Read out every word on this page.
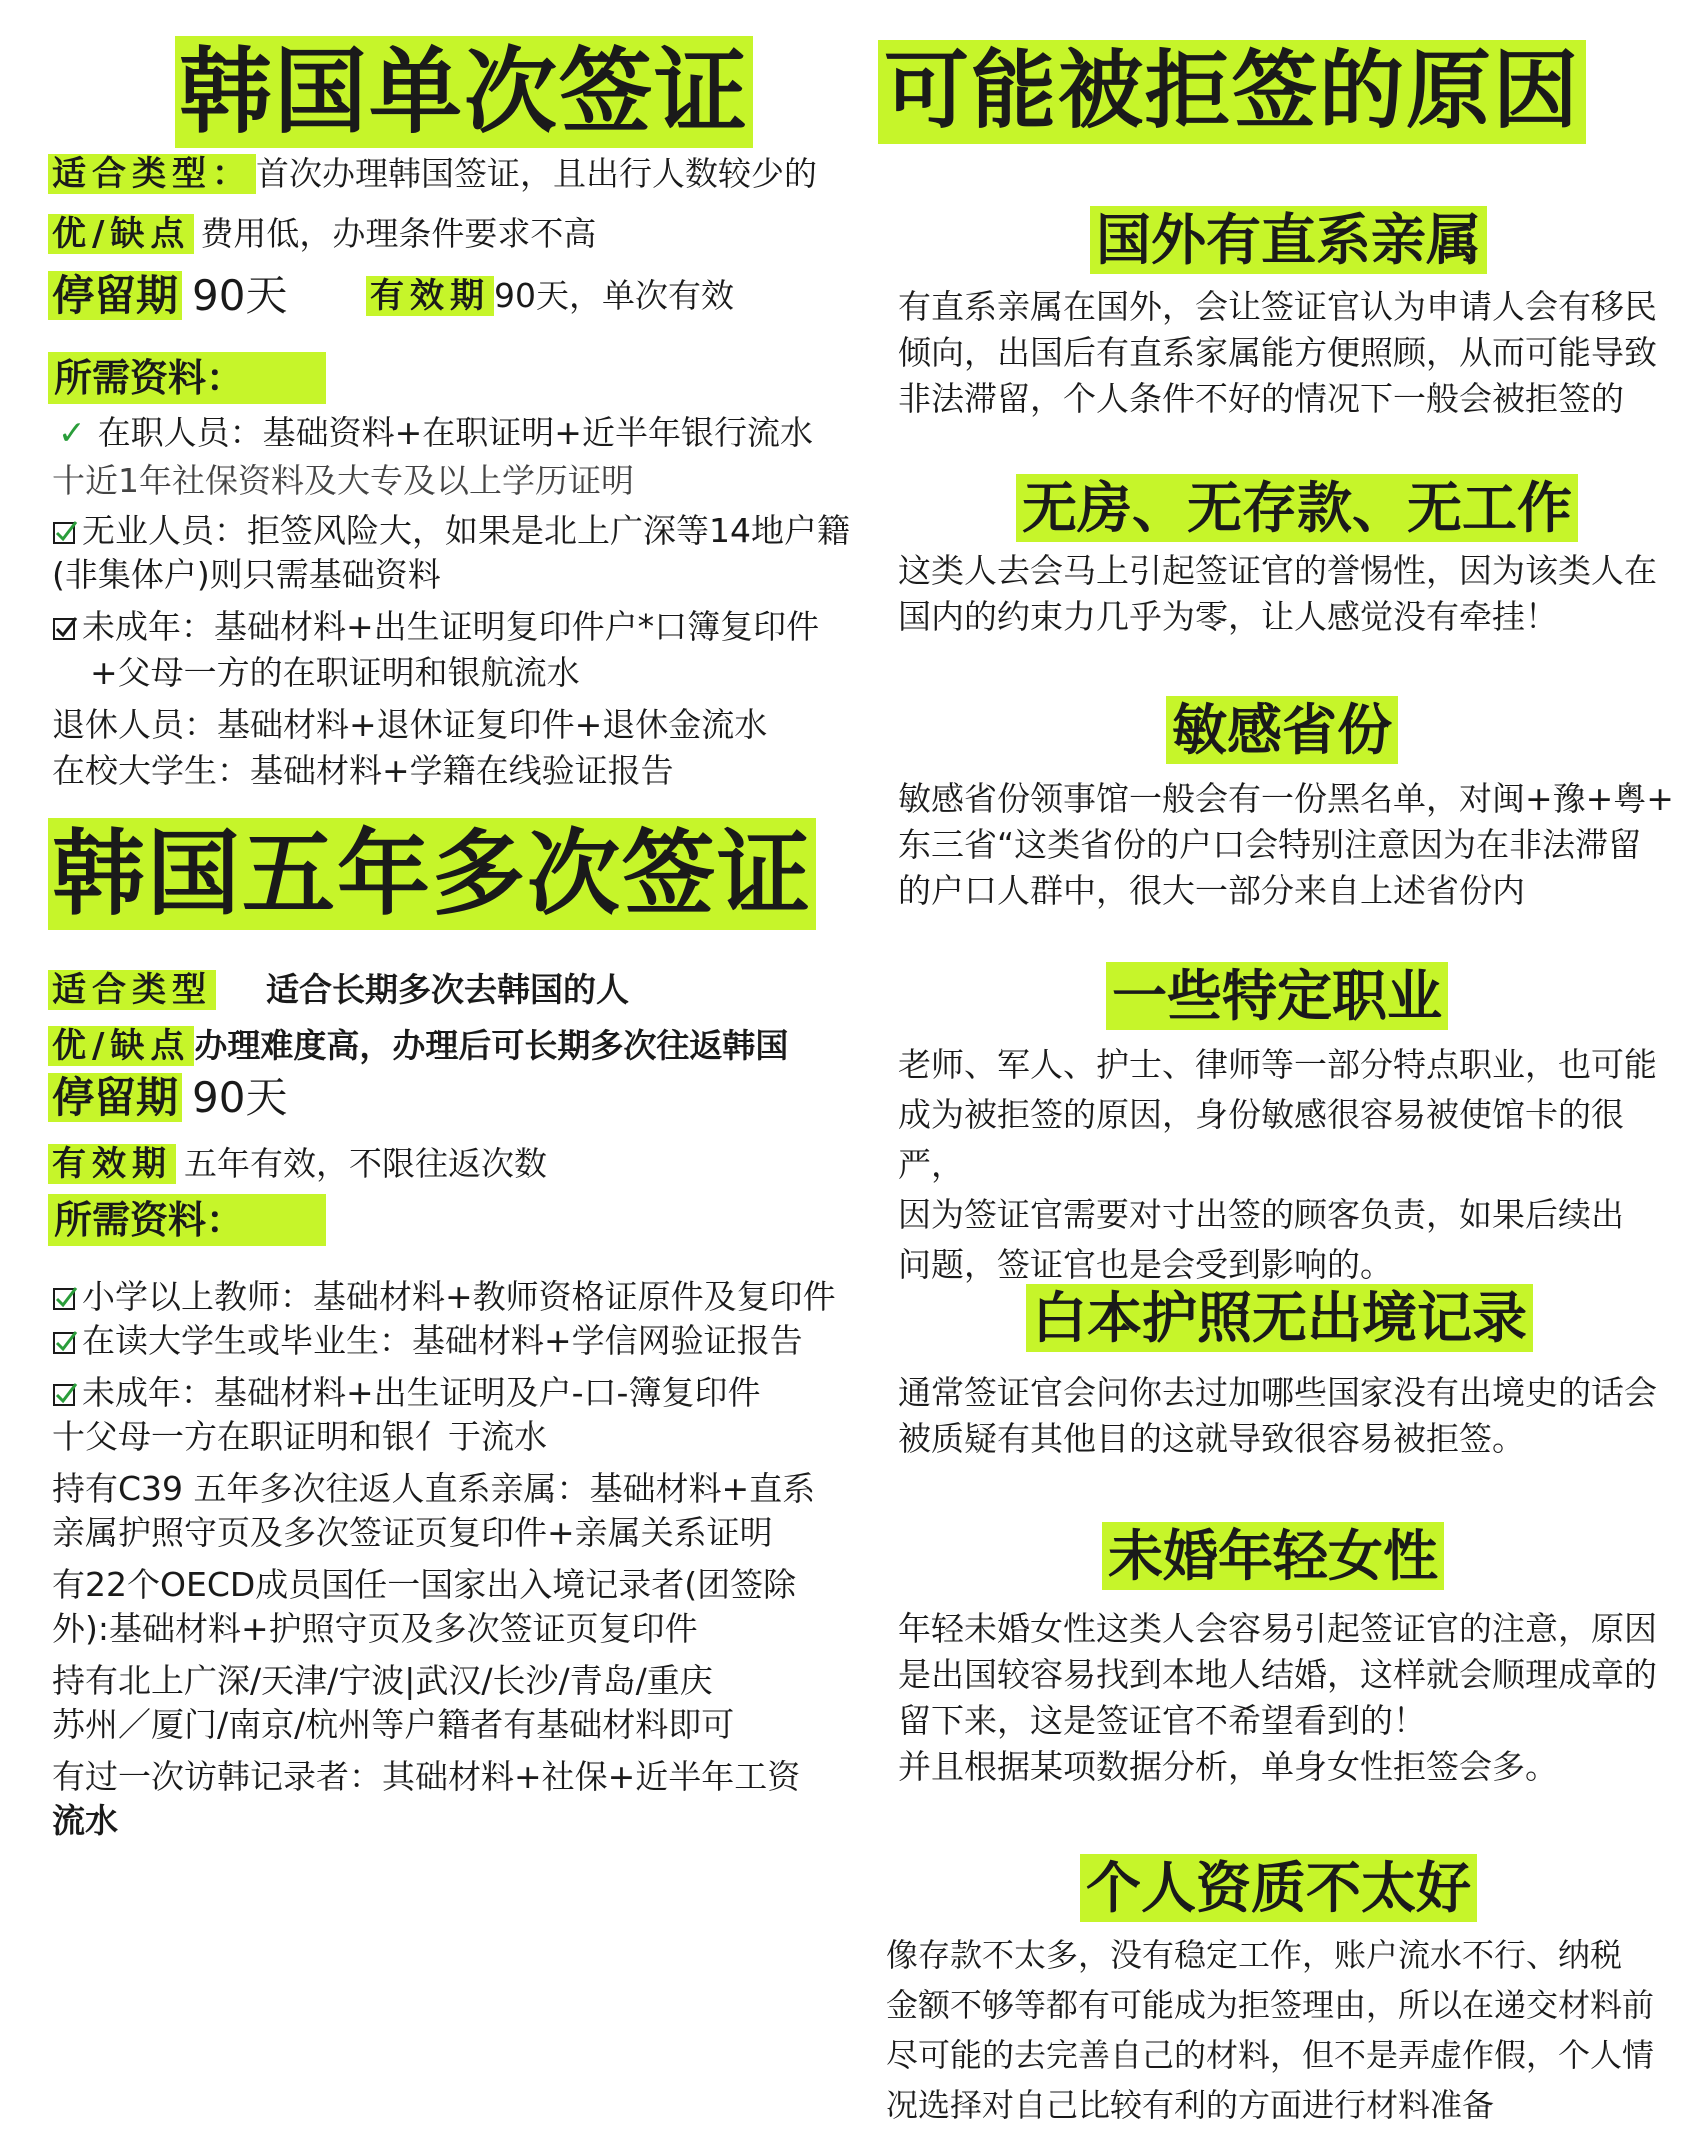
韩国单次签证
适合类型： 首次办理韩国签证，且出行人数较少的
优/缺点 费用低，办理条件要求不高
停留期 90天 有效期 90天，单次有效
所需资料：
✓ 在职人员：基础资料+在职证明+近半年银行流水
十近1年社保资料及大专及以上学历证明
无业人员：拒签风险大，如果是北上广深等14地户籍
(非集体户)则只需基础资料
未成年：基础材料+出生证明复印件户*口簿复印件
+父母一方的在职证明和银航流水
退休人员：基础材料+退休证复印件+退休金流水
在校大学生：基础材料+学籍在线验证报告
韩国五年多次签证
适合类型 适合长期多次去韩国的人
优/缺点 办理难度高，办理后可长期多次往返韩国
停留期 90天
有效期 五年有效，不限往返次数
所需资料：
小学以上教师：基础材料+教师资格证原件及复印件
在读大学生或毕业生：基础材料+学信网验证报告
未成年：基础材料+出生证明及户-口-簿复印件
十父母一方在职证明和银亻于流水
持有C39 五年多次往返人直系亲属：基础材料+直系
亲属护照守页及多次签证页复印件+亲属关系证明
有22个OECD成员国任一国家出入境记录者(团签除
外):基础材料+护照守页及多次签证页复印件
持有北上广深/天津/宁波|武汉/长沙/青岛/重庆
苏州／厦门/南京/杭州等户籍者有基础材料即可
有过一次访韩记录者：其础材料+社保+近半年工资
流水
可能被拒签的原因
国外有直系亲属
有直系亲属在国外，会让签证官认为申请人会有移民
倾向，出国后有直系家属能方便照顾，从而可能导致
非法滞留，个人条件不好的情况下一般会被拒签的
无房、无存款、无工作
这类人去会马上引起签证官的誉惕性，因为该类人在
国内的约束力几乎为零，让人感觉没有牵挂！
敏感省份
敏感省份领事馆一般会有一份黑名单，对闽+豫+粤+
东三省“这类省份的户口会特别注意因为在非法滞留
的户口人群中，很大一部分来自上述省份内
一些特定职业
老师、军人、护士、律师等一部分特点职业，也可能
成为被拒签的原因，身份敏感很容易被使馆卡的很严，
因为签证官需要对寸出签的顾客负责，如果后续出
问题，签证官也是会受到影响的。
白本护照无出境记录
通常签证官会问你去过加哪些国家没有出境史的话会
被质疑有其他目的这就导致很容易被拒签。
未婚年轻女性
年轻未婚女性这类人会容易引起签证官的注意，原因
是出国较容易找到本地人结婚，这样就会顺理成章的
留下来，这是签证官不希望看到的！
并且根据某项数据分析，单身女性拒签会多。
个人资质不太好
像存款不太多，没有稳定工作，账户流水不行、纳税
金额不够等都有可能成为拒签理由，所以在递交材料前
尽可能的去完善自己的材料，但不是弄虚作假，个人情
况选择对自己比较有利的方面进行材料准备
